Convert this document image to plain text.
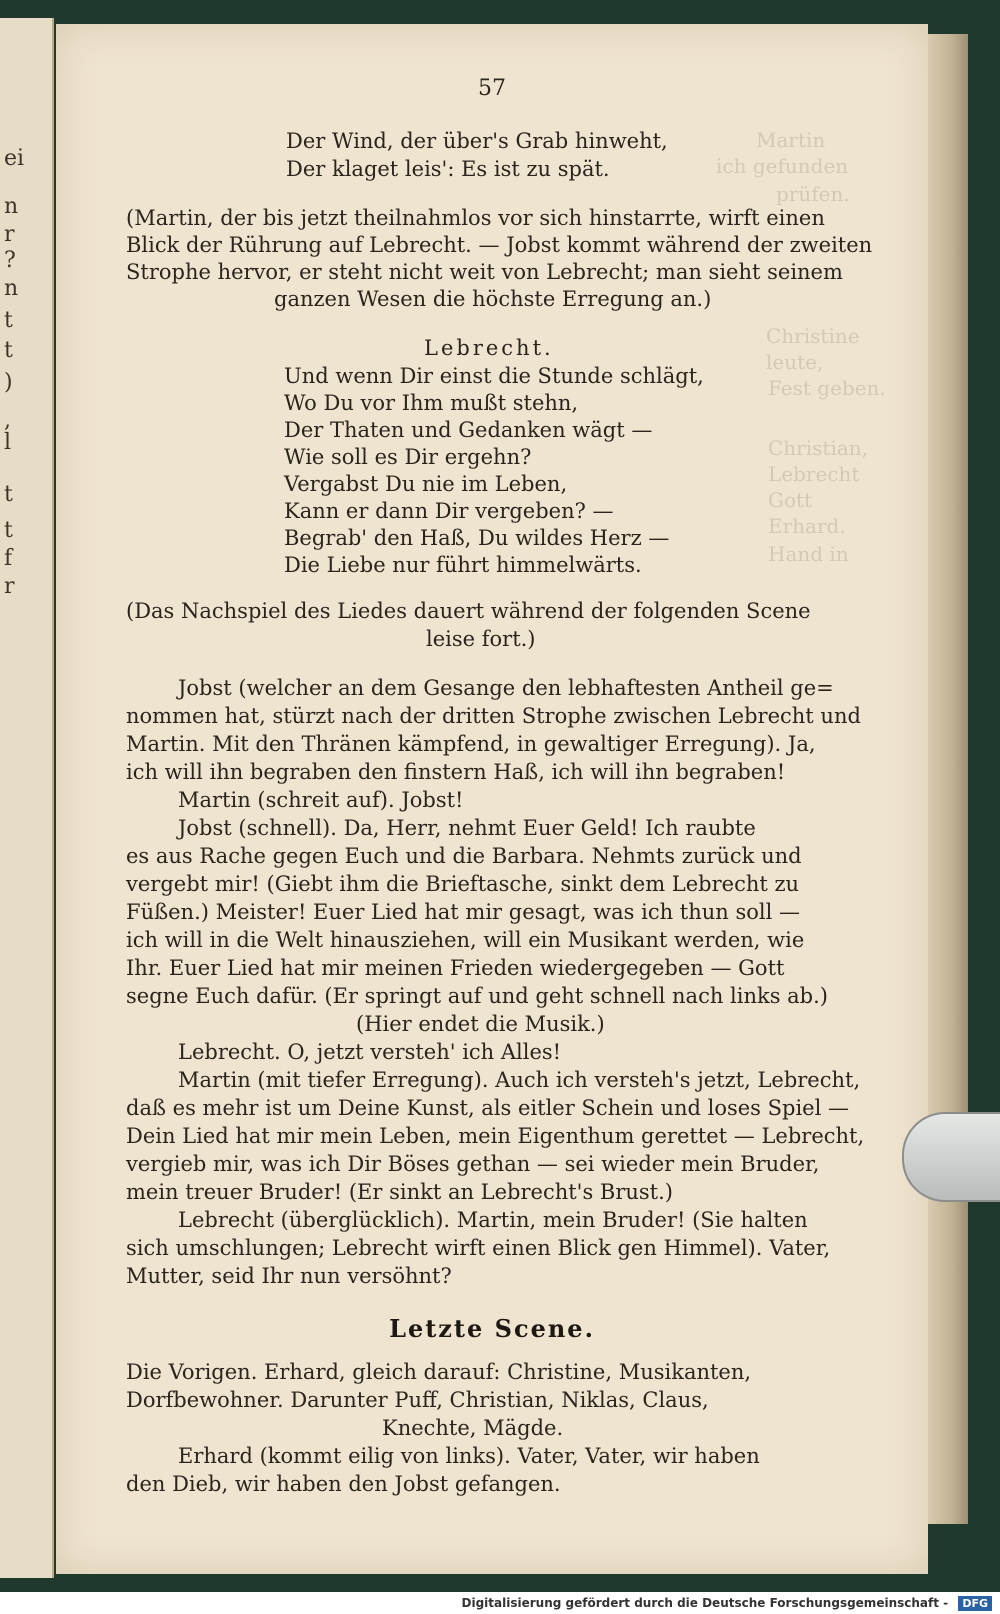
ei
n
r
?
n
t
t
)
,
l
t
t
f
r
Martin
ich gefunden
prüfen.
Christine
leute,
Fest geben.
Christian,
Lebrecht
Gott
Erhard.
Hand in
57
Der Wind, der über's Grab hinweht,
Der klaget leis': Es ist zu spät.
(Martin, der bis jetzt theilnahmlos vor sich hinstarrte, wirft einen
Blick der Rührung auf Lebrecht. — Jobst kommt während der zweiten
Strophe hervor, er steht nicht weit von Lebrecht; man sieht seinem
ganzen Wesen die höchste Erregung an.)
Lebrecht.
Und wenn Dir einst die Stunde schlägt,
Wo Du vor Ihm mußt stehn,
Der Thaten und Gedanken wägt —
Wie soll es Dir ergehn?
Vergabst Du nie im Leben,
Kann er dann Dir vergeben? —
Begrab' den Haß, Du wildes Herz —
Die Liebe nur führt himmelwärts.
(Das Nachspiel des Liedes dauert während der folgenden Scene
leise fort.)
Jobst (welcher an dem Gesange den lebhaftesten Antheil ge=
nommen hat, stürzt nach der dritten Strophe zwischen Lebrecht und
Martin. Mit den Thränen kämpfend, in gewaltiger Erregung). Ja,
ich will ihn begraben den finstern Haß, ich will ihn begraben!
Martin (schreit auf). Jobst!
Jobst (schnell). Da, Herr, nehmt Euer Geld! Ich raubte
es aus Rache gegen Euch und die Barbara. Nehmts zurück und
vergebt mir! (Giebt ihm die Brieftasche, sinkt dem Lebrecht zu
Füßen.) Meister! Euer Lied hat mir gesagt, was ich thun soll —
ich will in die Welt hinausziehen, will ein Musikant werden, wie
Ihr. Euer Lied hat mir meinen Frieden wiedergegeben — Gott
segne Euch dafür. (Er springt auf und geht schnell nach links ab.)
(Hier endet die Musik.)
Lebrecht. O, jetzt versteh' ich Alles!
Martin (mit tiefer Erregung). Auch ich versteh's jetzt, Lebrecht,
daß es mehr ist um Deine Kunst, als eitler Schein und loses Spiel —
Dein Lied hat mir mein Leben, mein Eigenthum gerettet — Lebrecht,
vergieb mir, was ich Dir Böses gethan — sei wieder mein Bruder,
mein treuer Bruder! (Er sinkt an Lebrecht's Brust.)
Lebrecht (überglücklich). Martin, mein Bruder! (Sie halten
sich umschlungen; Lebrecht wirft einen Blick gen Himmel). Vater,
Mutter, seid Ihr nun versöhnt?
Letzte Scene.
Die Vorigen. Erhard, gleich darauf: Christine, Musikanten,
Dorfbewohner. Darunter Puff, Christian, Niklas, Claus,
Knechte, Mägde.
Erhard (kommt eilig von links). Vater, Vater, wir haben
den Dieb, wir haben den Jobst gefangen.
Digitalisierung gefördert durch die Deutsche Forschungsgemeinschaft - DFG
